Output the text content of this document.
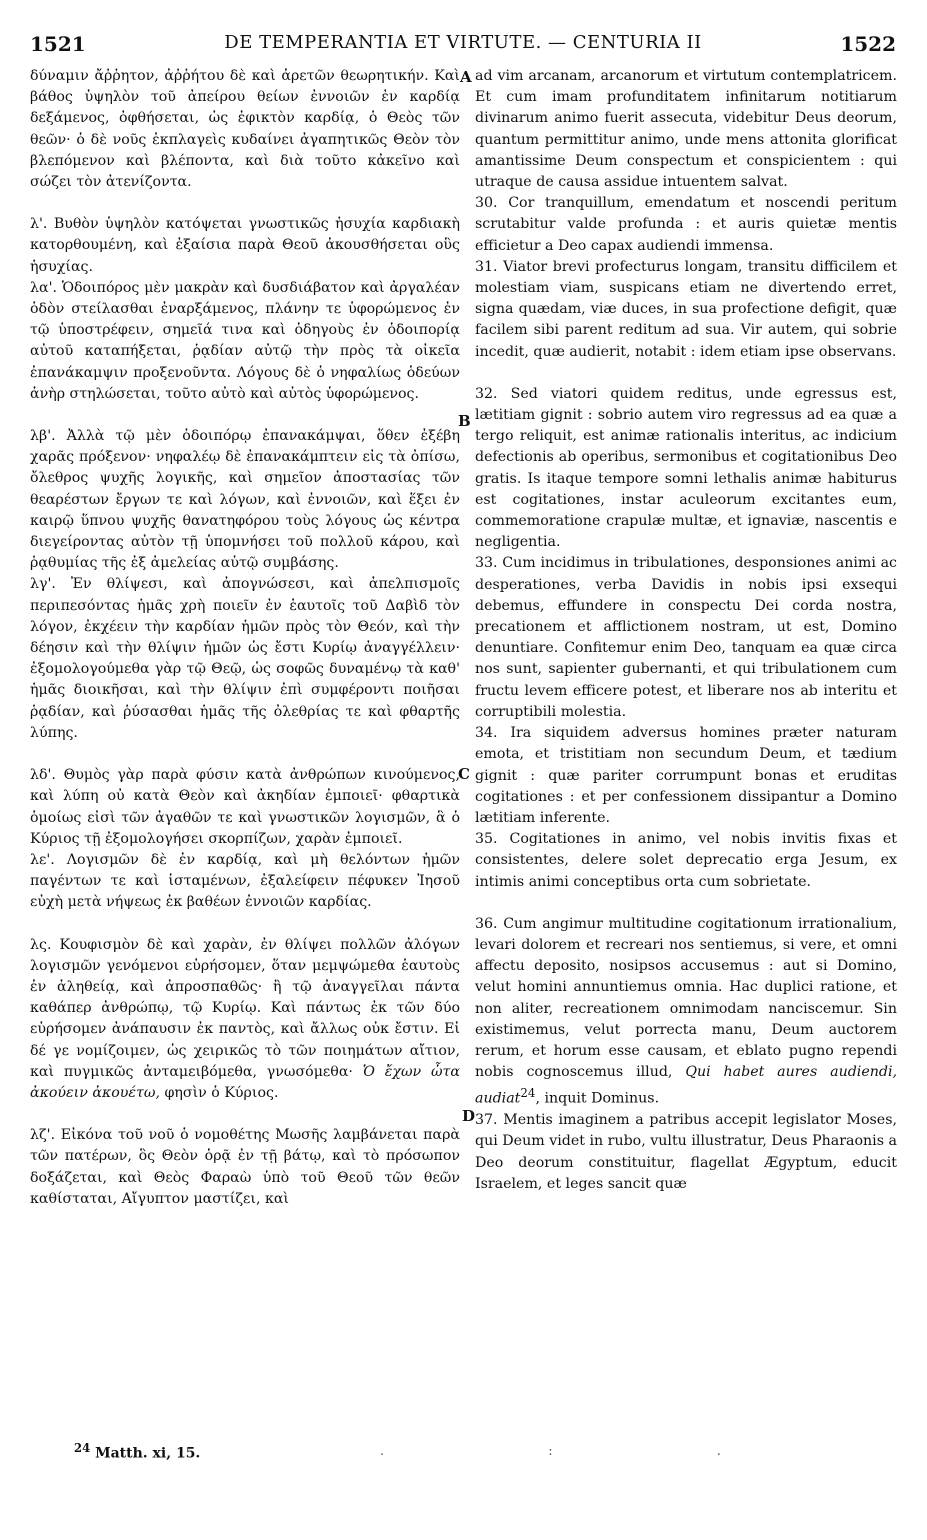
1521	DE TEMPERANTIA ET VIRTUTE. — CENTURIA II	1522

δύναμιν ἄῤῥητον, ἀῤῥήτου δὲ καὶ ἀρετῶν θεωρητικήν. Καὶ βάθος ὑψηλὸν τοῦ ἀπείρου θείων ἐννοιῶν ἐν καρδίᾳ δεξάμενος, ὀφθήσεται, ὡς ἐφικτὸν καρδίᾳ, ὁ Θεὸς τῶν θεῶν· ὁ δὲ νοῦς ἐκπλαγεὶς κυδαίνει ἀγαπητικῶς Θεὸν τὸν βλεπόμενον καὶ βλέποντα, καὶ διὰ τοῦτο κἀκεῖνο καὶ σώζει τὸν ἀτενίζοντα.

λ'. Βυθὸν ὑψηλὸν κατόψεται γνωστικῶς ἡσυχία καρδιακὴ κατορθουμένη, καὶ ἐξαίσια παρὰ Θεοῦ ἀκουσθήσεται οὓς ἡσυχίας.

λα'. Ὁδοιπόρος μὲν μακρὰν καὶ δυσδιάβατον καὶ ἀργαλέαν ὁδὸν στείλασθαι ἐναρξάμενος, πλάνην τε ὑφορώμενος ἐν τῷ ὑποστρέφειν, σημεῖά τινα καὶ ὁδηγοὺς ἐν ὁδοιπορίᾳ αὐτοῦ καταπήξεται, ῥᾳδίαν αὐτῷ τὴν πρὸς τὰ οἰκεῖα ἐπανάκαμψιν προξενοῦντα. Λόγους δὲ ὁ νηφαλίως ὁδεύων ἀνὴρ στηλώσεται, τοῦτο αὐτὸ καὶ αὐτὸς ὑφορώμενος.

λβ'. Ἀλλὰ τῷ μὲν ὁδοιπόρῳ ἐπανακάμψαι, ὅθεν ἐξέβη χαρᾶς πρόξενον· νηφαλέῳ δὲ ἐπανακάμπτειν εἰς τὰ ὀπίσω, ὄλεθρος ψυχῆς λογικῆς, καὶ σημεῖον ἀποστασίας τῶν θεαρέστων ἔργων τε καὶ λόγων, καὶ ἐννοιῶν, καὶ ἕξει ἐν καιρῷ ὕπνου ψυχῆς θανατηφόρου τοὺς λόγους ὡς κέντρα διεγείροντας αὐτὸν τῇ ὑπομνήσει τοῦ πολλοῦ κάρου, καὶ ῥᾳθυμίας τῆς ἐξ ἀμελείας αὐτῷ συμβάσης.

λγ'. Ἐν θλίψεσι, καὶ ἀπογνώσεσι, καὶ ἀπελπισμοῖς περιπεσόντας ἡμᾶς χρὴ ποιεῖν ἐν ἑαυτοῖς τοῦ Δαβὶδ τὸν λόγον, ἐκχέειν τὴν καρδίαν ἡμῶν πρὸς τὸν Θεόν, καὶ τὴν δέησιν καὶ τὴν θλίψιν ἡμῶν ὡς ἔστι Κυρίῳ ἀναγγέλλειν· ἐξομολογούμεθα γὰρ τῷ Θεῷ, ὡς σοφῶς δυναμένῳ τὰ καθ' ἡμᾶς διοικῆσαι, καὶ τὴν θλίψιν ἐπὶ συμφέροντι ποιῆσαι ῥᾳδίαν, καὶ ῥύσασθαι ἡμᾶς τῆς ὀλεθρίας τε καὶ φθαρτῆς λύπης.

λδ'. Θυμὸς γὰρ παρὰ φύσιν κατὰ ἀνθρώπων κινούμενος, καὶ λύπη οὐ κατὰ Θεὸν καὶ ἀκηδίαν ἐμποιεῖ· φθαρτικὰ ὁμοίως εἰσὶ τῶν ἀγαθῶν τε καὶ γνωστικῶν λογισμῶν, ἃ ὁ Κύριος τῇ ἐξομολογήσει σκορπίζων, χαρὰν ἐμποιεῖ.

λε'. Λογισμῶν δὲ ἐν καρδίᾳ, καὶ μὴ θελόντων ἡμῶν παγέντων τε καὶ ἱσταμένων, ἐξαλείφειν πέφυκεν Ἰησοῦ εὐχὴ μετὰ νήψεως ἐκ βαθέων ἐννοιῶν καρδίας.

λς. Κουφισμὸν δὲ καὶ χαρὰν, ἐν θλίψει πολλῶν ἀλόγων λογισμῶν γενόμενοι εὑρήσομεν, ὅταν μεμψώμεθα ἑαυτοὺς ἐν ἀληθείᾳ, καὶ ἀπροσπαθῶς· ἢ τῷ ἀναγγεῖλαι πάντα καθάπερ ἀνθρώπῳ, τῷ Κυρίῳ. Καὶ πάντως ἐκ τῶν δύο εὑρήσομεν ἀνάπαυσιν ἐκ παντὸς, καὶ ἄλλως οὐκ ἔστιν. Εἰ δέ γε νομίζοιμεν, ὡς χειρικῶς τὸ τῶν ποιημάτων αἴτιον, καὶ πυγμικῶς ἀνταμειβόμεθα, γνωσόμεθα· Ὁ ἔχων ὦτα ἀκούειν ἀκουέτω, φησὶν ὁ Κύριος.

λζ'. Εἰκόνα τοῦ νοῦ ὁ νομοθέτης Μωσῆς λαμβάνεται παρὰ τῶν πατέρων, ὃς Θεὸν ὁρᾷ ἐν τῇ βάτῳ, καὶ τὸ πρόσωπον δοξάζεται, καὶ Θεὸς Φαραὼ ὑπὸ τοῦ Θεοῦ τῶν θεῶν καθίσταται, Αἴγυπτον μαστίζει, καὶ

ad vim arcanam, arcanorum et virtutum contemplatricem. Et cum imam profunditatem infinitarum notitiarum divinarum animo fuerit assecuta, videbitur Deus deorum, quantum permittitur animo, unde mens attonita glorificat amantissime Deum conspectum et conspicientem : qui utraque de causa assidue intuentem salvat.

30. Cor tranquillum, emendatum et noscendi peritum scrutabitur valde profunda : et auris quietæ mentis efficietur a Deo capax audiendi immensa.

31. Viator brevi profecturus longam, transitu difficilem et molestiam viam, suspicans etiam ne divertendo erret, signa quædam, viæ duces, in sua profectione defigit, quæ facilem sibi parent reditum ad sua. Vir autem, qui sobrie incedit, quæ audierit, notabit : idem etiam ipse observans.

32. Sed viatori quidem reditus, unde egressus est, lætitiam gignit : sobrio autem viro regressus ad ea quæ a tergo reliquit, est animæ rationalis interitus, ac indicium defectionis ab operibus, sermonibus et cogitationibus Deo gratis. Is itaque tempore somni lethalis animæ habiturus est cogitationes, instar aculeorum excitantes eum, commemoratione crapulæ multæ, et ignaviæ, nascentis e negligentia.

33. Cum incidimus in tribulationes, desponsiones animi ac desperationes, verba Davidis in nobis ipsi exsequi debemus, effundere in conspectu Dei corda nostra, precationem et afflictionem nostram, ut est, Domino denuntiare. Confitemur enim Deo, tanquam ea quæ circa nos sunt, sapienter gubernanti, et qui tribulationem cum fructu levem efficere potest, et liberare nos ab interitu et corruptibili molestia.

34. Ira siquidem adversus homines præter naturam emota, et tristitiam non secundum Deum, et tædium gignit : quæ pariter corrumpunt bonas et eruditas cogitationes : et per confessionem dissipantur a Domino lætitiam inferente.

35. Cogitationes in animo, vel nobis invitis fixas et consistentes, delere solet deprecatio erga Jesum, ex intimis animi conceptibus orta cum sobrietate.

36. Cum angimur multitudine cogitationum irrationalium, levari dolorem et recreari nos sentiemus, si vere, et omni affectu deposito, nosipsos accusemus : aut si Domino, velut homini annuntiemus omnia. Hac duplici ratione, et non aliter, recreationem omnimodam nanciscemur. Sin existimemus, velut porrecta manu, Deum auctorem rerum, et horum esse causam, et eblato pugno rependi nobis cognoscemus illud, Qui habet aures audiendi, audiat$^{24}$, inquit Dominus.

37. Mentis imaginem a patribus accepit legislator Moses, qui Deum videt in rubo, vultu illustratur, Deus Pharaonis a Deo deorum constituitur, flagellat Ægyptum, educit Israelem, et leges sancit quæ

A
B
C
D
$^{24}$ Matth. xi, 15.	. : .
